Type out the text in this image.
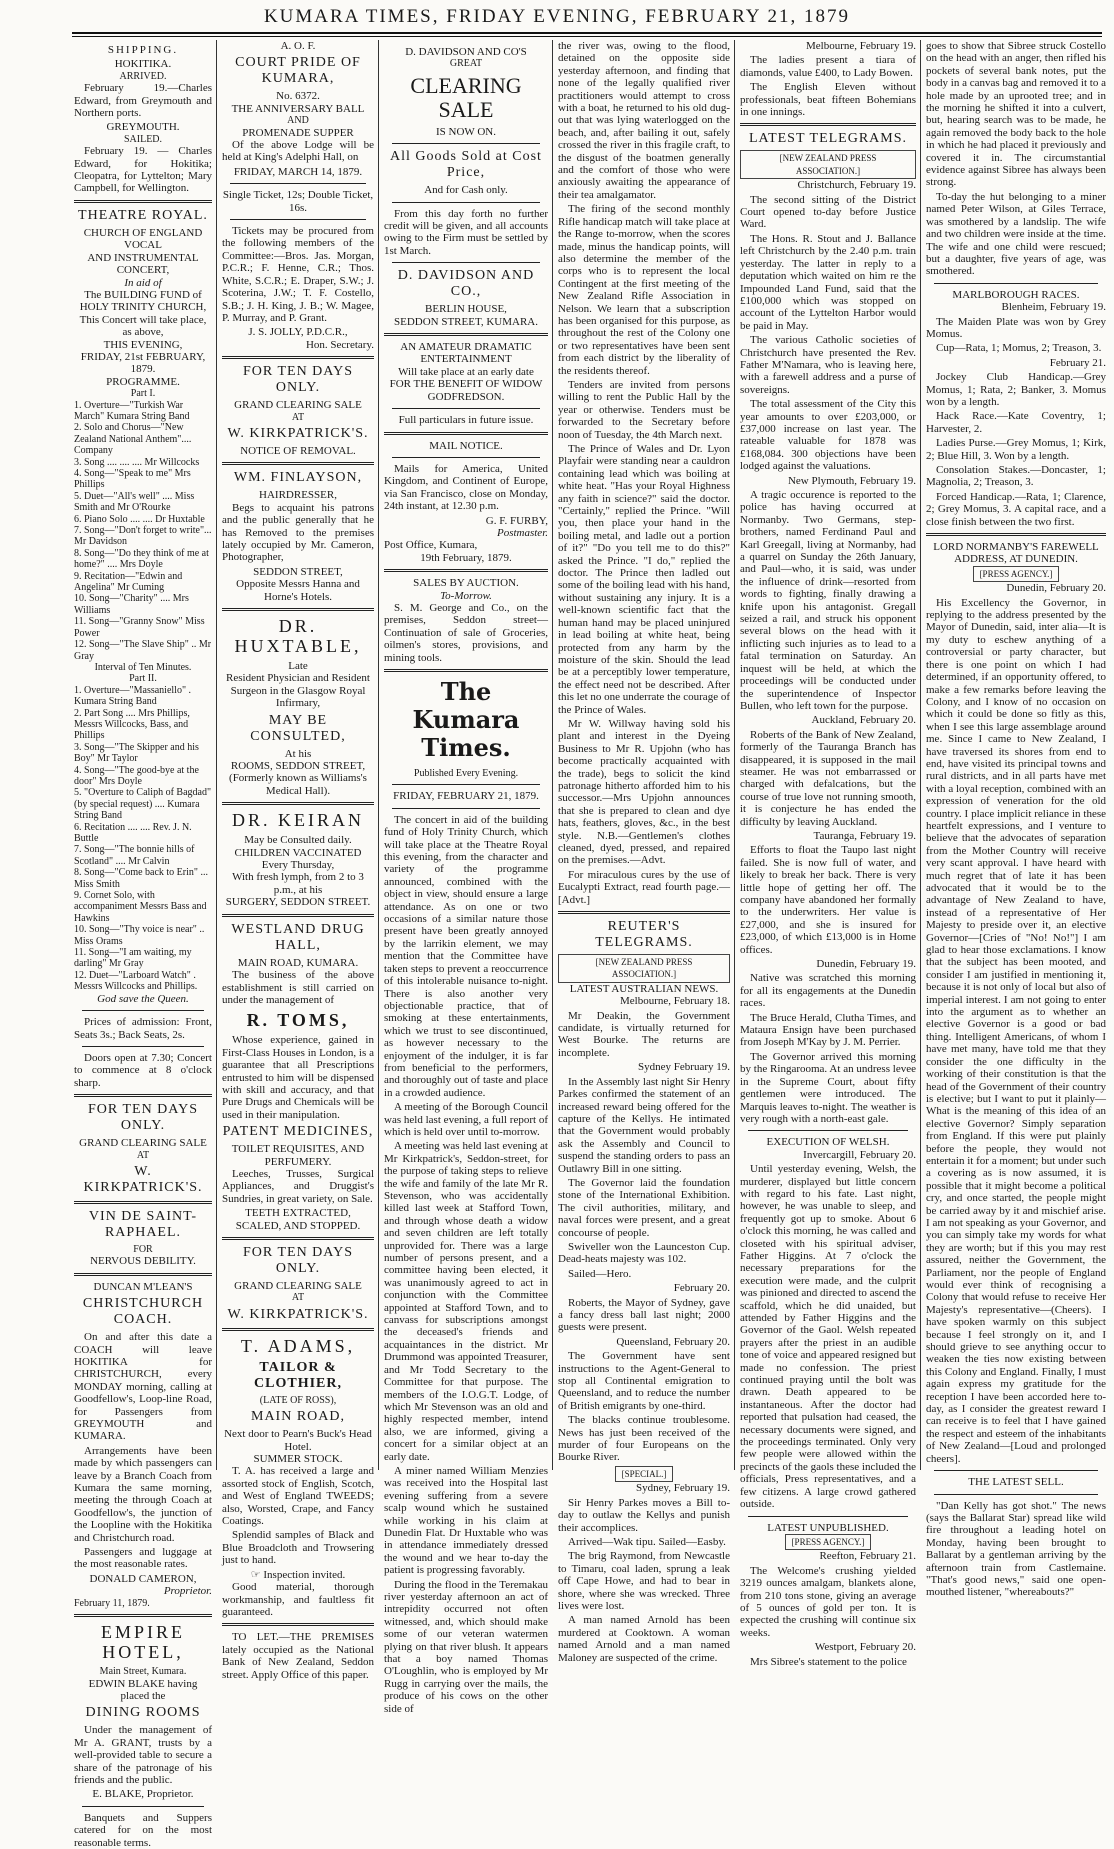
KUMARA TIMES, FRIDAY EVENING, FEBRUARY 21, 1879
SHIPPING.
HOKITIKA.
ARRIVED.

February 19.—Charles Edward, from Greymouth and Northern ports.

GREYMOUTH.
SAILED.

February 19. — Charles Edward, for Hokitika; Cleopatra, for Lyttelton; Mary Campbell, for Wellington.

THEATRE ROYAL.
CHURCH OF ENGLAND VOCAL
AND INSTRUMENTAL CONCERT,
In aid of
The BUILDING FUND of HOLY TRINITY CHURCH,
This Concert will take place, as above,
THIS EVENING,
FRIDAY, 21st FEBRUARY, 1879.
PROGRAMME.
Part I.

1. Overture—"Turkish War March" Kumara String Band

2. Solo and Chorus—"New Zealand National Anthem".... Company

3. Song .... .... .... Mr Willcocks

4. Song—"Speak to me" Mrs Phillips

5. Duet—"All's well" .... Miss Smith and Mr O'Rourke

6. Piano Solo .... .... Dr Huxtable

7. Song—"Don't forget to write"... Mr Davidson

8. Song—"Do they think of me at home?" .... Mrs Doyle

9. Recitation—"Edwin and Angelina" Mr Cuming

10. Song—"Charity" .... Mrs Williams

11. Song—"Granny Snow" Miss Power

12. Song—"The Slave Ship" .. Mr Gray

Interval of Ten Minutes.
Part II.

1. Overture—"Massaniello" . Kumara String Band

2. Part Song .... Mrs Phillips, Messrs Willcocks, Bass, and Phillips

3. Song—"The Skipper and his Boy" Mr Taylor

4. Song—"The good-bye at the door" Mrs Doyle

5. "Overture to Caliph of Bagdad" (by special request) .... Kumara String Band

6. Recitation .... .... Rev. J. N. Buttle

7. Song—"The bonnie hills of Scotland" .... Mr Calvin

8. Song—"Come back to Erin" ... Miss Smith

9. Cornet Solo, with accompaniment Messrs Bass and Hawkins

10. Song—"Thy voice is near" .. Miss Orams

11. Song—"I am waiting, my darling" Mr Gray

12. Duet—"Larboard Watch" . Messrs Willcocks and Phillips.

God save the Queen.

Prices of admission: Front, Seats 3s.; Back Seats, 2s.

Doors open at 7.30; Concert to commence at 8 o'clock sharp.

FOR TEN DAYS ONLY.
GRAND CLEARING SALE
AT
W. KIRKPATRICK'S.
VIN DE SAINT-RAPHAEL.
FOR
NERVOUS DEBILITY.
DUNCAN M'LEAN'S
CHRISTCHURCH COACH.

On and after this date a COACH will leave HOKITIKA for CHRISTCHURCH, every MONDAY morning, calling at Goodfellow's, Loop-line Road, for Passengers from GREYMOUTH and KUMARA.

Arrangements have been made by which passengers can leave by a Branch Coach from Kumara the same morning, meeting the through Coach at Goodfellow's, the junction of the Loopline with the Hokitika and Christchurch road.

Passengers and luggage at the most reasonable rates.

DONALD CAMERON,
Proprietor.
February 11, 1879.
EMPIRE HOTEL,
Main Street, Kumara.
EDWIN BLAKE having placed the
DINING ROOMS

Under the management of Mr A. GRANT, trusts by a well-provided table to secure a share of the patronage of his friends and the public.

E. BLAKE, Proprietor.

Banquets and Suppers catered for on the most reasonable terms.

A. O. F.
COURT PRIDE OF KUMARA,
No. 6372.
THE ANNIVERSARY BALL
AND
PROMENADE SUPPER

Of the above Lodge will be held at King's Adelphi Hall, on

FRIDAY, MARCH 14, 1879.
Single Ticket, 12s; Double Ticket, 16s.

Tickets may be procured from the following members of the Committee:—Bros. Jas. Morgan, P.C.R.; F. Henne, C.R.; Thos. White, S.C.R.; E. Draper, S.W.; J. Scoterina, J.W.; T. F. Costello, S.B.; J. H. King, J. B.; W. Magee, P. Murray, and P. Grant.

J. S. JOLLY, P.D.C.R.,
Hon. Secretary.
FOR TEN DAYS ONLY.
GRAND CLEARING SALE
AT
W. KIRKPATRICK'S.
NOTICE OF REMOVAL.
WM. FINLAYSON,
HAIRDRESSER,

Begs to acquaint his patrons and the public generally that he has Removed to the premises lately occupied by Mr. Cameron, Photographer,

SEDDON STREET,
Opposite Messrs Hanna and Horne's Hotels.
DR. HUXTABLE,
Late
Resident Physician and Resident Surgeon in the Glasgow Royal Infirmary,
MAY BE CONSULTED,
At his
ROOMS, SEDDON STREET,
(Formerly known as Williams's Medical Hall).
DR. KEIRAN
May be Consulted daily.
CHILDREN VACCINATED
Every Thursday,
With fresh lymph, from 2 to 3 p.m., at his
SURGERY, SEDDON STREET.
WESTLAND DRUG HALL,
MAIN ROAD, KUMARA.

The business of the above establishment is still carried on under the management of

R. TOMS,

Whose experience, gained in First-Class Houses in London, is a guarantee that all Prescriptions entrusted to him will be dispensed with skill and accuracy, and that Pure Drugs and Chemicals will be used in their manipulation.

PATENT MEDICINES,
TOILET REQUISITES, AND PERFUMERY.

Leeches, Trusses, Surgical Appliances, and Druggist's Sundries, in great variety, on Sale.

TEETH EXTRACTED, SCALED, AND STOPPED.
FOR TEN DAYS ONLY.
GRAND CLEARING SALE
AT
W. KIRKPATRICK'S.
T. ADAMS,
TAILOR & CLOTHIER,
(LATE OF ROSS),
MAIN ROAD,
Next door to Pearn's Buck's Head Hotel.
SUMMER STOCK.

T. A. has received a large and assorted stock of English, Scotch, and West of England TWEEDS; also, Worsted, Crape, and Fancy Coatings.

Splendid samples of Black and Blue Broadcloth and Trowsering just to hand.

☞ Inspection invited.

Good material, thorough workmanship, and faultless fit guaranteed.

TO LET.—THE PREMISES lately occupied as the National Bank of New Zealand, Seddon street. Apply Office of this paper.

D. DAVIDSON AND CO'S
GREAT
CLEARING SALE
IS NOW ON.
All Goods Sold at Cost Price,
And for Cash only.

From this day forth no further credit will be given, and all accounts owing to the Firm must be settled by 1st March.

D. DAVIDSON AND CO.,
BERLIN HOUSE,
SEDDON STREET, KUMARA.
AN AMATEUR DRAMATIC ENTERTAINMENT
Will take place at an early date
FOR THE BENEFIT OF WIDOW GODFREDSON.
Full particulars in future issue.
MAIL NOTICE.

Mails for America, United Kingdom, and Continent of Europe, via San Francisco, close on Monday, 24th instant, at 12.30 p.m.

G. F. FURBY,
Postmaster.
Post Office, Kumara,
19th February, 1879.
SALES BY AUCTION.
To-Morrow.

S. M. George and Co., on the premises, Seddon street—Continuation of sale of Groceries, oilmen's stores, provisions, and mining tools.

The Kumara Times.
Published Every Evening.
FRIDAY, FEBRUARY 21, 1879.

The concert in aid of the building fund of Holy Trinity Church, which will take place at the Theatre Royal this evening, from the character and variety of the programme announced, combined with the object in view, should ensure a large attendance. As on one or two occasions of a similar nature those present have been greatly annoyed by the larrikin element, we may mention that the Committee have taken steps to prevent a reoccurrence of this intolerable nuisance to-night. There is also another very objectionable practice, that of smoking at these entertainments, which we trust to see discontinued, as however necessary to the enjoyment of the indulger, it is far from beneficial to the performers, and thoroughly out of taste and place in a crowded audience.

A meeting of the Borough Council was held last evening, a full report of which is held over until to-morrow.

A meeting was held last evening at Mr Kirkpatrick's, Seddon-street, for the purpose of taking steps to relieve the wife and family of the late Mr R. Stevenson, who was accidentally killed last week at Stafford Town, and through whose death a widow and seven children are left totally unprovided for. There was a large number of persons present, and a committee having been elected, it was unanimously agreed to act in conjunction with the Committee appointed at Stafford Town, and to canvass for subscriptions amongst the deceased's friends and acquaintances in the district. Mr Drummond was appointed Treasurer, and Mr Todd Secretary to the Committee for that purpose. The members of the I.O.G.T. Lodge, of which Mr Stevenson was an old and highly respected member, intend also, we are informed, giving a concert for a similar object at an early date.

A miner named William Menzies was received into the Hospital last evening suffering from a severe scalp wound which he sustained while working in his claim at Dunedin Flat. Dr Huxtable who was in attendance immediately dressed the wound and we hear to-day the patient is progressing favorably.

During the flood in the Teremakau river yesterday afternoon an act of intrepidity occurred not often witnessed, and, which should make some of our veteran watermen plying on that river blush. It appears that a boy named Thomas O'Loughlin, who is employed by Mr Rugg in carrying over the mails, the produce of his cows on the other side of

the river was, owing to the flood, detained on the opposite side yesterday afternoon, and finding that none of the legally qualified river practitioners would attempt to cross with a boat, he returned to his old dug-out that was lying waterlogged on the beach, and, after bailing it out, safely crossed the river in this fragile craft, to the disgust of the boatmen generally and the comfort of those who were anxiously awaiting the appearance of their tea amalgamator.

The firing of the second monthly Rifle handicap match will take place at the Range to-morrow, when the scores made, minus the handicap points, will also determine the member of the corps who is to represent the local Contingent at the first meeting of the New Zealand Rifle Association in Nelson. We learn that a subscription has been organised for this purpose, as throughout the rest of the Colony one or two representatives have been sent from each district by the liberality of the residents thereof.

Tenders are invited from persons willing to rent the Public Hall by the year or otherwise. Tenders must be forwarded to the Secretary before noon of Tuesday, the 4th March next.

The Prince of Wales and Dr. Lyon Playfair were standing near a cauldron containing lead which was boiling at white heat. "Has your Royal Highness any faith in science?" said the doctor. "Certainly," replied the Prince. "Will you, then place your hand in the boiling metal, and ladle out a portion of it?" "Do you tell me to do this?" asked the Prince. "I do," replied the doctor. The Prince then ladled out some of the boiling lead with his hand, without sustaining any injury. It is a well-known scientific fact that the human hand may be placed uninjured in lead boiling at white heat, being protected from any harm by the moisture of the skin. Should the lead be at a perceptibly lower temperature, the effect need not be described. After this let no one underrate the courage of the Prince of Wales.

Mr W. Willway having sold his plant and interest in the Dyeing Business to Mr R. Upjohn (who has become practically acquainted with the trade), begs to solicit the kind patronage hitherto afforded him to his successor.—Mrs Upjohn announces that she is prepared to clean and dye hats, feathers, gloves, &c., in the best style. N.B.—Gentlemen's clothes cleaned, dyed, pressed, and repaired on the premises.—Advt.

For miraculous cures by the use of Eucalypti Extract, read fourth page.—[Advt.]

REUTER'S TELEGRAMS.
[NEW ZEALAND PRESS ASSOCIATION.]
LATEST AUSTRALIAN NEWS.

Melbourne, February 18.

Mr Deakin, the Government candidate, is virtually returned for West Bourke. The returns are incomplete.

Sydney February 19.

In the Assembly last night Sir Henry Parkes confirmed the statement of an increased reward being offered for the capture of the Kellys. He intimated that the Government would probably ask the Assembly and Council to suspend the standing orders to pass an Outlawry Bill in one sitting.

The Governor laid the foundation stone of the International Exhibition. The civil authorities, military, and naval forces were present, and a great concourse of people.

Swiveller won the Launceston Cup. Dead-heats majesty was 102.

Sailed—Hero.

February 20.

Roberts, the Mayor of Sydney, gave a fancy dress ball last night; 2000 guests were present.

Queensland, February 20.

The Government have sent instructions to the Agent-General to stop all Continental emigration to Queensland, and to reduce the number of British emigrants by one-third.

The blacks continue troublesome. News has just been received of the murder of four Europeans on the Bourke River.

[SPECIAL.]

Sydney, February 19.

Sir Henry Parkes moves a Bill to-day to outlaw the Kellys and punish their accomplices.

Arrived—Wak tipu. Sailed—Easby.

The brig Raymond, from Newcastle to Timaru, coal laden, sprung a leak off Cape Howe, and had to bear in shore, where she was wrecked. Three lives were lost.

A man named Arnold has been murdered at Cooktown. A woman named Arnold and a man named Maloney are suspected of the crime.

Melbourne, February 19.

The ladies present a tiara of diamonds, value £400, to Lady Bowen.

The English Eleven without professionals, beat fifteen Bohemians in one innings.

LATEST TELEGRAMS.
[NEW ZEALAND PRESS ASSOCIATION.]

Christchurch, February 19.

The second sitting of the District Court opened to-day before Justice Ward.

The Hons. R. Stout and J. Ballance left Christchurch by the 2.40 p.m. train yesterday. The latter in reply to a deputation which waited on him re the Impounded Land Fund, said that the £100,000 which was stopped on account of the Lyttelton Harbor would be paid in May.

The various Catholic societies of Christchurch have presented the Rev. Father M'Namara, who is leaving here, with a farewell address and a purse of sovereigns.

The total assessment of the City this year amounts to over £203,000, or £37,000 increase on last year. The rateable valuable for 1878 was £168,084. 300 objections have been lodged against the valuations.

New Plymouth, February 19.

A tragic occurence is reported to the police has having occurred at Normanby. Two Germans, step-brothers, named Ferdinand Paul and Karl Greegall, living at Normanby, had a quarrel on Sunday the 26th January, and Paul—who, it is said, was under the influence of drink—resorted from words to fighting, finally drawing a knife upon his antagonist. Gregall seized a rail, and struck his opponent several blows on the head with it inflicting such injuries as to lead to a fatal termination on Saturday. An inquest will be held, at which the proceedings will be conducted under the superintendence of Inspector Bullen, who left town for the purpose.

Auckland, February 20.

Roberts of the Bank of New Zealand, formerly of the Tauranga Branch has disappeared, it is supposed in the mail steamer. He was not embarrassed or charged with defalcations, but the course of true love not running smooth, it is conjecture he has ended the difficulty by leaving Auckland.

Tauranga, February 19.

Efforts to float the Taupo last night failed. She is now full of water, and likely to break her back. There is very little hope of getting her off. The company have abandoned her formally to the underwriters. Her value is £27,000, and she is insured for £23,000, of which £13,000 is in Home offices.

Dunedin, February 19.

Native was scratched this morning for all its engagements at the Dunedin races.

The Bruce Herald, Clutha Times, and Mataura Ensign have been purchased from Joseph M'Kay by J. M. Perrier.

The Governor arrived this morning by the Ringarooma. At an undress levee in the Supreme Court, about fifty gentlemen were introduced. The Marquis leaves to-night. The weather is very rough with a north-east gale.

EXECUTION OF WELSH.

Invercargill, February 20.

Until yesterday evening, Welsh, the murderer, displayed but little concern with regard to his fate. Last night, however, he was unable to sleep, and frequently got up to smoke. About 6 o'clock this morning, he was called and closeted with his spiritual adviser, Father Higgins. At 7 o'clock the necessary preparations for the execution were made, and the culprit was pinioned and directed to ascend the scaffold, which he did unaided, but attended by Father Higgins and the Governor of the Gaol. Welsh repeated prayers after the priest in an audible tone of voice and appeared resigned but made no confession. The priest continued praying until the bolt was drawn. Death appeared to be instantaneous. After the doctor had reported that pulsation had ceased, the necessary documents were signed, and the proceedings terminated. Only very few people were allowed within the precincts of the gaols these included the officials, Press representatives, and a few citizens. A large crowd gathered outside.

LATEST UNPUBLISHED.
[PRESS AGENCY.]

Reefton, February 21.

The Welcome's crushing yielded 3219 ounces amalgam, blankets alone, from 210 tons stone, giving an average of 5 ounces of gold per ton. It is expected the crushing will continue six weeks.

Westport, February 20.

Mrs Sibree's statement to the police

goes to show that Sibree struck Costello on the head with an anger, then rifled his pockets of several bank notes, put the body in a canvas bag and removed it to a hole made by an uprooted tree; and in the morning he shifted it into a culvert, but, hearing search was to be made, he again removed the body back to the hole in which he had placed it previously and covered it in. The circumstantial evidence against Sibree has always been strong.

To-day the hut belonging to a miner named Peter Wilson, at Giles Terrace, was smothered by a landslip. The wife and two children were inside at the time. The wife and one child were rescued; but a daughter, five years of age, was smothered.

MARLBOROUGH RACES.

Blenheim, February 19.

The Maiden Plate was won by Grey Momus.

Cup—Rata, 1; Momus, 2; Treason, 3.

February 21.

Jockey Club Handicap.—Grey Momus, 1; Rata, 2; Banker, 3. Momus won by a length.

Hack Race.—Kate Coventry, 1; Harvester, 2.

Ladies Purse.—Grey Momus, 1; Kirk, 2; Blue Hill, 3. Won by a length.

Consolation Stakes.—Doncaster, 1; Magnolia, 2; Treason, 3.

Forced Handicap.—Rata, 1; Clarence, 2; Grey Momus, 3. A capital race, and a close finish between the two first.

LORD NORMANBY'S FAREWELL ADDRESS, AT DUNEDIN.
[PRESS AGENCY.]

Dunedin, February 20.

His Excellency the Governor, in replying to the address presented by the Mayor of Dunedin, said, inter alia—It is my duty to eschew anything of a controversial or party character, but there is one point on which I had determined, if an opportunity offered, to make a few remarks before leaving the Colony, and I know of no occasion on which it could be done so fitly as this, when I see this large assemblage around me. Since I came to New Zealand, I have traversed its shores from end to end, have visited its principal towns and rural districts, and in all parts have met with a loyal reception, combined with an expression of veneration for the old country. I place implicit reliance in these heartfelt expressions, and I venture to believe that the advocates of separation from the Mother Country will receive very scant approval. I have heard with much regret that of late it has been advocated that it would be to the advantage of New Zealand to have, instead of a representative of Her Majesty to preside over it, an elective Governor—[Cries of "No! No!"] I am glad to hear those exclamations. I know that the subject has been mooted, and consider I am justified in mentioning it, because it is not only of local but also of imperial interest. I am not going to enter into the argument as to whether an elective Governor is a good or bad thing. Intelligent Americans, of whom I have met many, have told me that they consider the one difficulty in the working of their constitution is that the head of the Government of their country is elective; but I want to put it plainly—What is the meaning of this idea of an elective Governor? Simply separation from England. If this were put plainly before the people, they would not entertain it for a moment; but under such a covering as is now assumed, it is possible that it might become a political cry, and once started, the people might be carried away by it and mischief arise. I am not speaking as your Governor, and you can simply take my words for what they are worth; but if this you may rest assured, neither the Government, the Parliament, nor the people of England would ever think of recognising a Colony that would refuse to receive Her Majesty's representative—(Cheers). I have spoken warmly on this subject because I feel strongly on it, and I should grieve to see anything occur to weaken the ties now existing between this Colony and England. Finally, I must again express my gratitude for the reception I have been accorded here to-day, as I consider the greatest reward I can receive is to feel that I have gained the respect and esteem of the inhabitants of New Zealand—[Loud and prolonged cheers].

THE LATEST SELL.

"Dan Kelly has got shot." The news (says the Ballarat Star) spread like wild fire throughout a leading hotel on Monday, having been brought to Ballarat by a gentleman arriving by the afternoon train from Castlemaine. "That's good news," said one open-mouthed listener, "whereabouts?"
